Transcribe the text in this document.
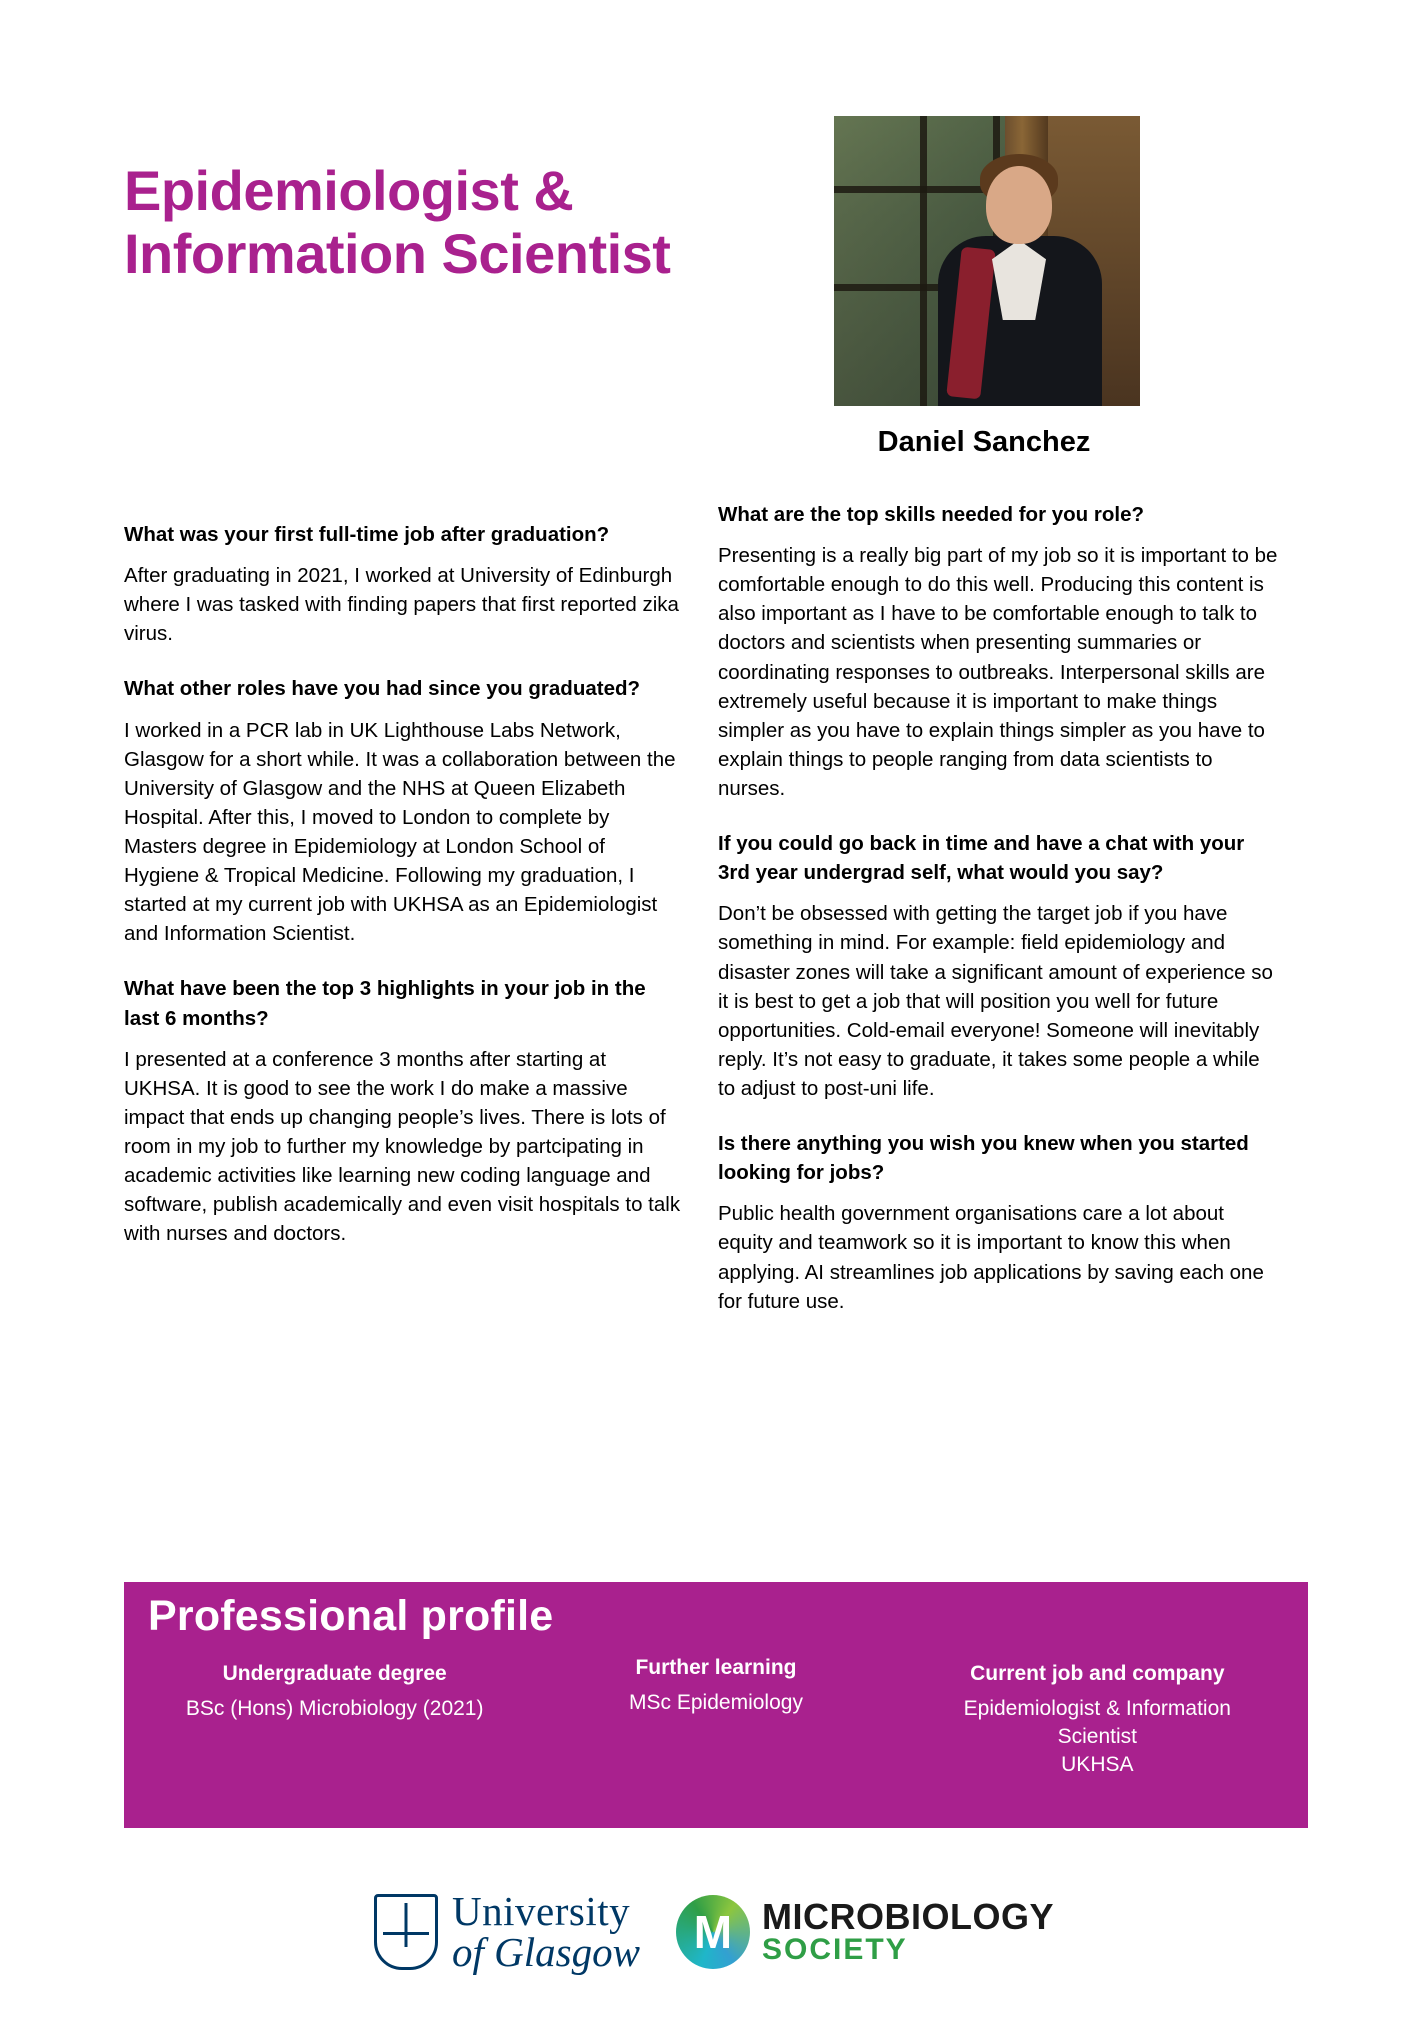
Epidemiologist & Information Scientist
Daniel Sanchez

What was your first full-time job after graduation?

After graduating in 2021, I worked at University of Edinburgh where I was tasked with finding papers that first reported zika virus.

What other roles have you had since you graduated?

I worked in a PCR lab in UK Lighthouse Labs Network, Glasgow for a short while. It was a collaboration between the University of Glasgow and the NHS at Queen Elizabeth Hospital. After this, I moved to London to complete by Masters degree in Epidemiology at London School of Hygiene & Tropical Medicine. Following my graduation, I started at my current job with UKHSA as an Epidemiologist and Information Scientist.

What have been the top 3 highlights in your job in the last 6 months?

I presented at a conference 3 months after starting at UKHSA. It is good to see the work I do make a massive impact that ends up changing people’s lives. There is lots of room in my job to further my knowledge by partcipating in academic activities like learning new coding language and software, publish academically and even visit hospitals to talk with nurses and doctors.

What are the top skills needed for you role?

Presenting is a really big part of my job so it is important to be comfortable enough to do this well. Producing this content is also important as I have to be comfortable enough to talk to doctors and scientists when presenting summaries or coordinating responses to outbreaks. Interpersonal skills are extremely useful because it is important to make things simpler as you have to explain things simpler as you have to explain things to people ranging from data scientists to nurses.

If you could go back in time and have a chat with your 3rd year undergrad self, what would you say?

Don’t be obsessed with getting the target job if you have something in mind. For example: field epidemiology and disaster zones will take a significant amount of experience so it is best to get a job that will position you well for future opportunities. Cold-email everyone! Someone will inevitably reply. It’s not easy to graduate, it takes some people a while to adjust to post-uni life.

Is there anything you wish you knew when you started looking for jobs?

Public health government organisations care a lot about equity and teamwork so it is important to know this when applying. AI streamlines job applications by saving each one for future use.

Professional profile
Undergraduate degree
BSc (Hons) Microbiology (2021)
Further learning
MSc Epidemiology
Current job and company
Epidemiologist & Information
Scientist
UKHSA
University
of Glasgow
M
MICROBIOLOGY
SOCIETY
